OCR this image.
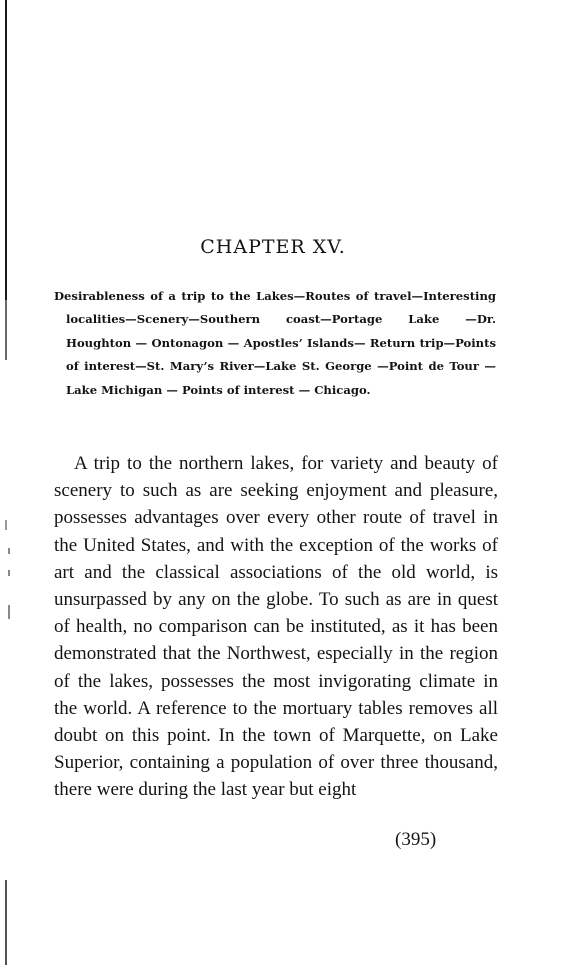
CHAPTER XV.
Desirableness of a trip to the Lakes—Routes of travel—Interesting localities—Scenery—Southern coast—Portage Lake —Dr. Houghton — Ontonagon — Apostles’ Islands— Return trip—Points of interest—St. Mary’s River—Lake St. George —Point de Tour — Lake Michigan — Points of interest — Chicago.
A trip to the northern lakes, for variety and beauty of scenery to such as are seeking enjoyment and pleasure, possesses advantages over every other route of travel in the United States, and with the exception of the works of art and the classical associations of the old world, is unsurpassed by any on the globe. To such as are in quest of health, no comparison can be instituted, as it has been demonstrated that the Northwest, especially in the region of the lakes, possesses the most invigorating climate in the world. A reference to the mortuary tables removes all doubt on this point. In the town of Marquette, on Lake Superior, containing a population of over three thousand, there were during the last year but eight
(395)
